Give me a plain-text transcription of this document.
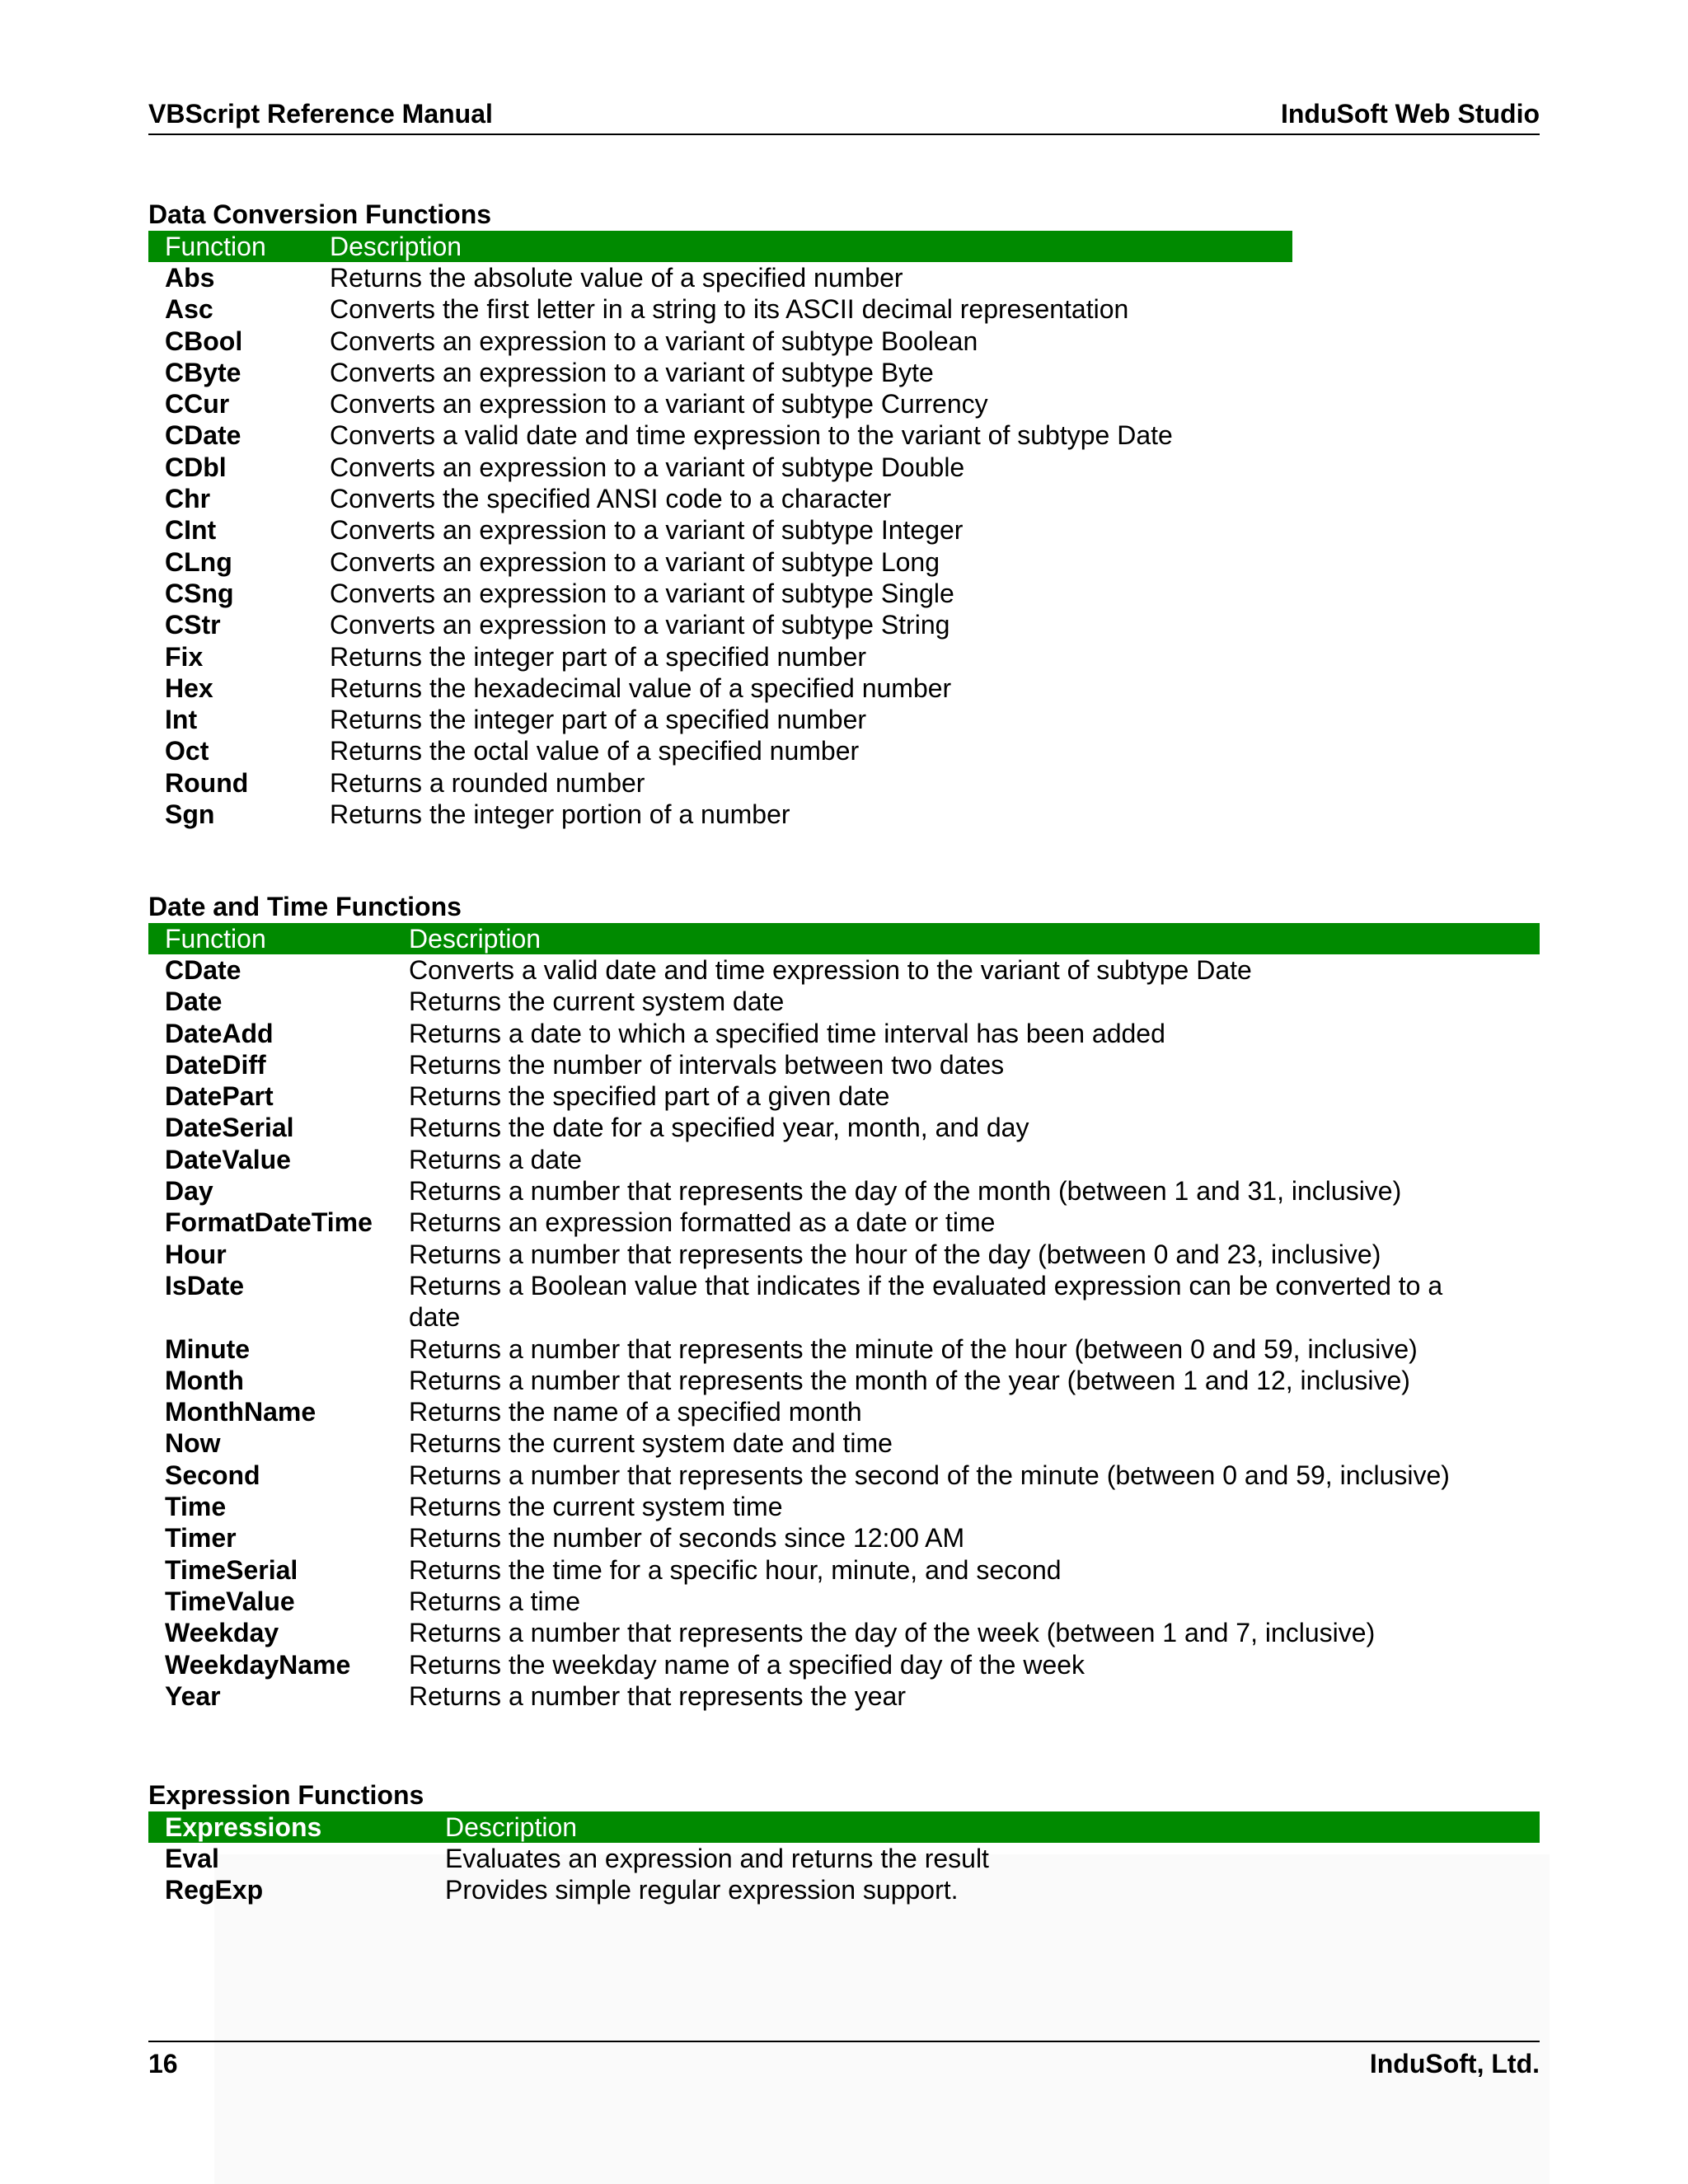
VBScript Reference Manual	InduSoft Web Studio
Data Conversion Functions
Function Description
Abs	Returns the absolute value of a specified number
Asc	Converts the first letter in a string to its ASCII decimal representation
CBool	Converts an expression to a variant of subtype Boolean
CByte	Converts an expression to a variant of subtype Byte
CCur	Converts an expression to a variant of subtype Currency
CDate	Converts a valid date and time expression to the variant of subtype Date
CDbl	Converts an expression to a variant of subtype Double
Chr	Converts the specified ANSI code to a character
CInt	Converts an expression to a variant of subtype Integer
CLng	Converts an expression to a variant of subtype Long
CSng	Converts an expression to a variant of subtype Single
CStr	Converts an expression to a variant of subtype String
Fix	Returns the integer part of a specified number
Hex	Returns the hexadecimal value of a specified number
Int	Returns the integer part of a specified number
Oct	Returns the octal value of a specified number
Round	Returns a rounded number
Sgn	Returns the integer portion of a number
Date and Time Functions
Function	Description
CDate	Converts a valid date and time expression to the variant of subtype Date
Date	Returns the current system date
DateAdd	Returns a date to which a specified time interval has been added
DateDiff	Returns the number of intervals between two dates
DatePart	Returns the specified part of a given date
DateSerial	Returns the date for a specified year, month, and day
DateValue	Returns a date
Day	Returns a number that represents the day of the month (between 1 and 31, inclusive)
FormatDateTime Returns an expression formatted as a date or time
Hour	Returns a number that represents the hour of the day (between 0 and 23, inclusive)
IsDate	Returns a Boolean value that indicates if the evaluated expression can be converted to a
date
Minute	Returns a number that represents the minute of the hour (between 0 and 59, inclusive)
Month	Returns a number that represents the month of the year (between 1 and 12, inclusive)
MonthName	Returns the name of a specified month
Now	Returns the current system date and time
Second	Returns a number that represents the second of the minute (between 0 and 59, inclusive)
Time	Returns the current system time
Timer	Returns the number of seconds since 12:00 AM
TimeSerial	Returns the time for a specific hour, minute, and second
TimeValue	Returns a time
Weekday	Returns a number that represents the day of the week (between 1 and 7, inclusive)
WeekdayName Returns the weekday name of a specified day of the week
Year	Returns a number that represents the year
Expression Functions
Expressions	Description
Eval	Evaluates an expression and returns the result
RegExp	Provides simple regular expression support.
16	InduSoft, Ltd.
